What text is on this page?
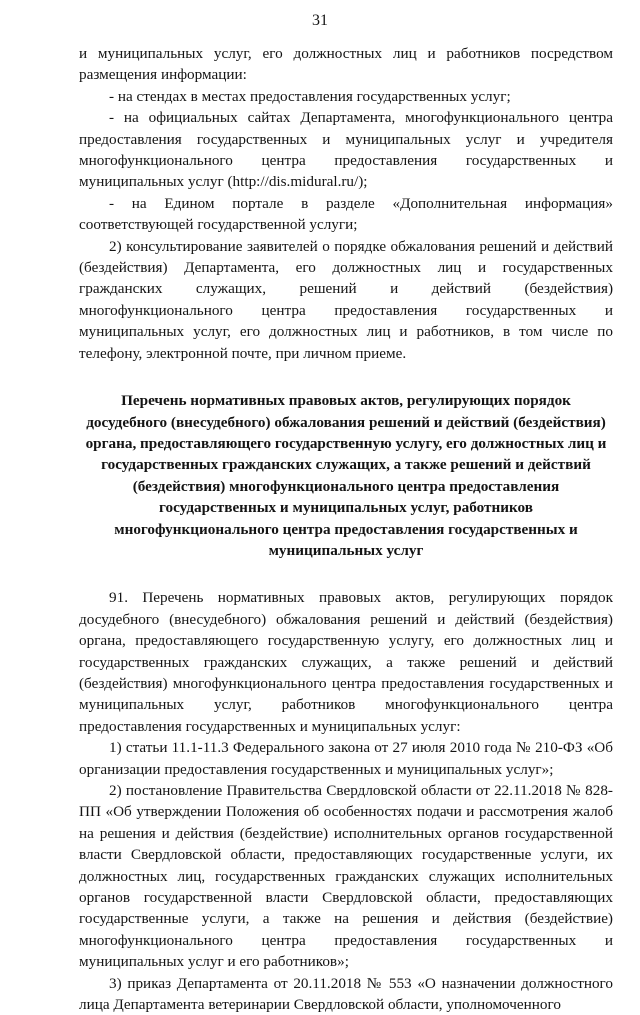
31

и муниципальных услуг, его должностных лиц и работников посредством размещения информации:

- на стендах в местах предоставления государственных услуг;

- на официальных сайтах Департамента, многофункционального центра предоставления государственных и муниципальных услуг и учредителя многофункционального центра предоставления государственных и муниципальных услуг (http://dis.midural.ru/);

- на Едином портале в разделе «Дополнительная информация» соответствующей государственной услуги;

2) консультирование заявителей о порядке обжалования решений и действий (бездействия) Департамента, его должностных лиц и государственных гражданских служащих, решений и действий (бездействия) многофункционального центра предоставления государственных и муниципальных услуг, его должностных лиц и работников, в том числе по телефону, электронной почте, при личном приеме.

Перечень нормативных правовых актов, регулирующих порядок досудебного (внесудебного) обжалования решений и действий (бездействия) органа, предоставляющего государственную услугу, его должностных лиц и государственных гражданских служащих, а также решений и действий (бездействия) многофункционального центра предоставления государственных и муниципальных услуг, работников многофункционального центра предоставления государственных и муниципальных услуг

91. Перечень нормативных правовых актов, регулирующих порядок досудебного (внесудебного) обжалования решений и действий (бездействия) органа, предоставляющего государственную услугу, его должностных лиц и государственных гражданских служащих, а также решений и действий (бездействия) многофункционального центра предоставления государственных и муниципальных услуг, работников многофункционального центра предоставления государственных и муниципальных услуг:

1) статьи 11.1-11.3 Федерального закона от 27 июля 2010 года № 210-ФЗ «Об организации предоставления государственных и муниципальных услуг»;

2) постановление Правительства Свердловской области от 22.11.2018 № 828-ПП «Об утверждении Положения об особенностях подачи и рассмотрения жалоб на решения и действия (бездействие) исполнительных органов государственной власти Свердловской области, предоставляющих государственные услуги, их должностных лиц, государственных гражданских служащих исполнительных органов государственной власти Свердловской области, предоставляющих государственные услуги, а также на решения и действия (бездействие) многофункционального центра предоставления государственных и муниципальных услуг и его работников»;

3) приказ Департамента от 20.11.2018 № 553 «О назначении должностного лица Департамента ветеринарии Свердловской области, уполномоченного
